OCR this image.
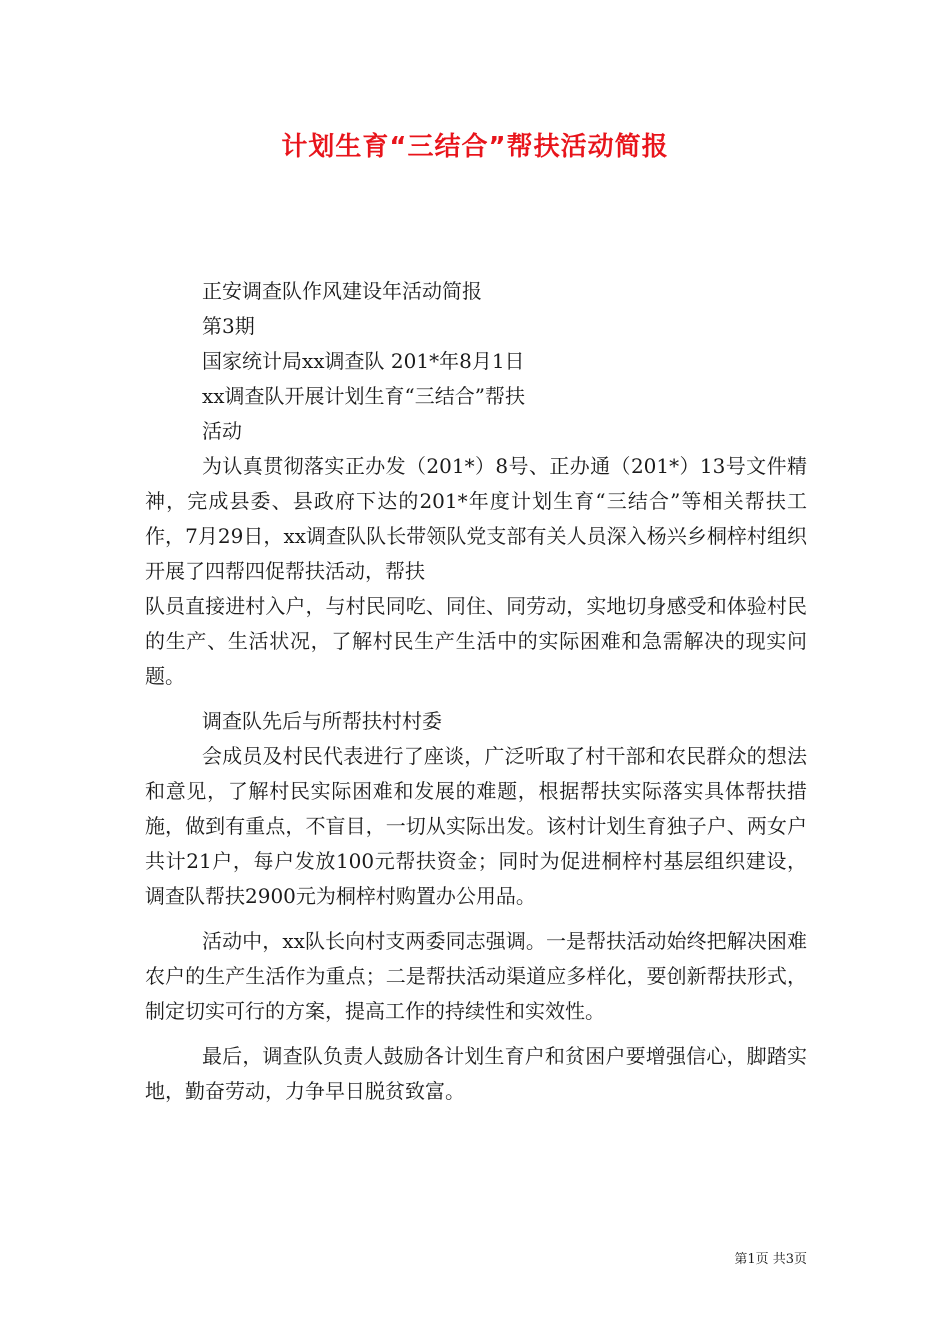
计划生育“三结合”帮扶活动简报
正安调查队作风建设年活动简报
第3期
国家统计局xx调查队 201*年8月1日
xx调查队开展计划生育“三结合”帮扶
活动
为认真贯彻落实正办发（201*）8号、正办通（201*）13号文件精神，完成县委、县政府下达的201*年度计划生育“三结合”等相关帮扶工作，7月29日，xx调查队队长带领队党支部有关人员深入杨兴乡桐梓村组织开展了四帮四促帮扶活动，帮扶
队员直接进村入户，与村民同吃、同住、同劳动，实地切身感受和体验村民的生产、生活状况，了解村民生产生活中的实际困难和急需解决的现实问题。
调查队先后与所帮扶村村委
会成员及村民代表进行了座谈，广泛听取了村干部和农民群众的想法和意见，了解村民实际困难和发展的难题，根据帮扶实际落实具体帮扶措施，做到有重点，不盲目，一切从实际出发。该村计划生育独子户、两女户共计21户，每户发放100元帮扶资金；同时为促进桐梓村基层组织建设，调查队帮扶2900元为桐梓村购置办公用品。
活动中，xx队长向村支两委同志强调。一是帮扶活动始终把解决困难农户的生产生活作为重点；二是帮扶活动渠道应多样化，要创新帮扶形式，制定切实可行的方案，提高工作的持续性和实效性。
最后，调查队负责人鼓励各计划生育户和贫困户要增强信心，脚踏实地，勤奋劳动，力争早日脱贫致富。
第1页 共3页
